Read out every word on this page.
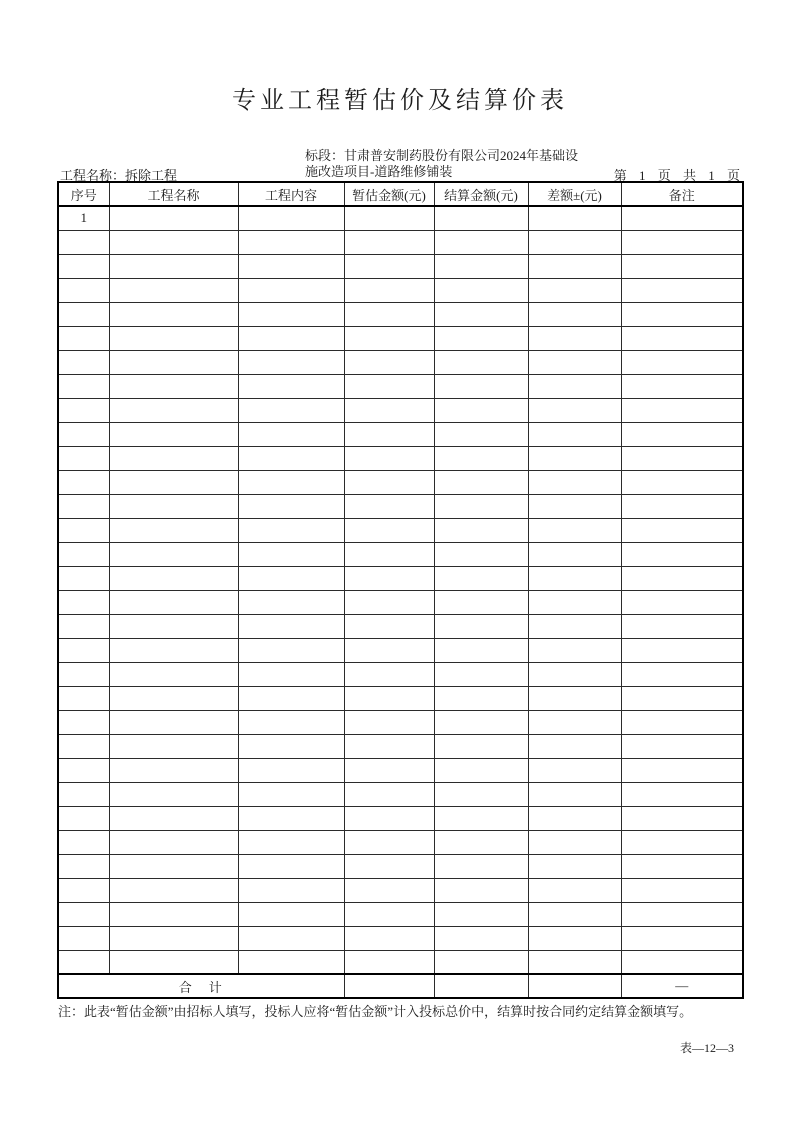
专业工程暂估价及结算价表
工程名称：拆除工程
标段：甘肃普安制药股份有限公司2024年基础设
施改造项目-道路维修铺装	第 1 页 共 1 页
序号	工程名称	工程内容	暂估金额(元)	结算金额(元)	差额±(元)	备注
1						

合　计						—
注：此表“暂估金额”由招标人填写，投标人应将“暂估金额”计入投标总价中，结算时按合同约定结算金额填写。
表—12—3
